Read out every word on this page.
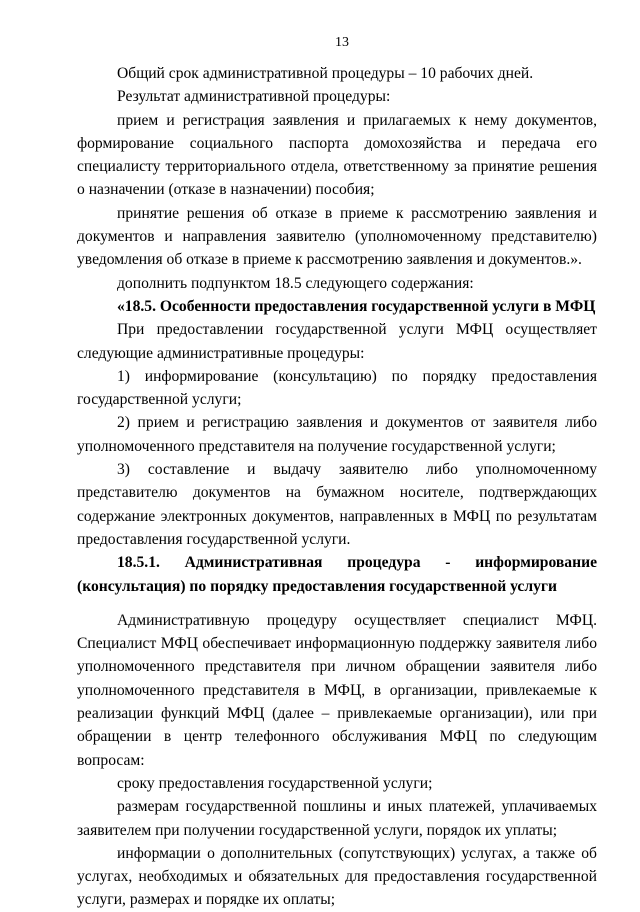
13

Общий срок административной процедуры – 10 рабочих дней.

Результат административной процедуры:

прием и регистрация заявления и прилагаемых к нему документов, формирование социального паспорта домохозяйства и передача его специалисту территориального отдела, ответственному за принятие решения о назначении (отказе в назначении) пособия;

принятие решения об отказе в приеме к рассмотрению заявления и документов и направления заявителю (уполномоченному представителю) уведомления об отказе в приеме к рассмотрению заявления и документов.».

дополнить подпунктом 18.5 следующего содержания:

«18.5. Особенности предоставления государственной услуги в МФЦ

При предоставлении государственной услуги МФЦ осуществляет следующие административные процедуры:

1) информирование (консультацию) по порядку предоставления государственной услуги;

2) прием и регистрацию заявления и документов от заявителя либо уполномоченного представителя на получение государственной услуги;

3) составление и выдачу заявителю либо уполномоченному представителю документов на бумажном носителе, подтверждающих содержание электронных документов, направленных в МФЦ по результатам предоставления государственной услуги.

18.5.1. Административная процедура - информирование (консультация) по порядку предоставления государственной услуги

Административную процедуру осуществляет специалист МФЦ. Специалист МФЦ обеспечивает информационную поддержку заявителя либо уполномоченного представителя при личном обращении заявителя либо уполномоченного представителя в МФЦ, в организации, привлекаемые к реализации функций МФЦ (далее – привлекаемые организации), или при обращении в центр телефонного обслуживания МФЦ по следующим вопросам:

сроку предоставления государственной услуги;

размерам государственной пошлины и иных платежей, уплачиваемых заявителем при получении государственной услуги, порядок их уплаты;

информации о дополнительных (сопутствующих) услугах, а также об услугах, необходимых и обязательных для предоставления государственной услуги, размерах и порядке их оплаты;
